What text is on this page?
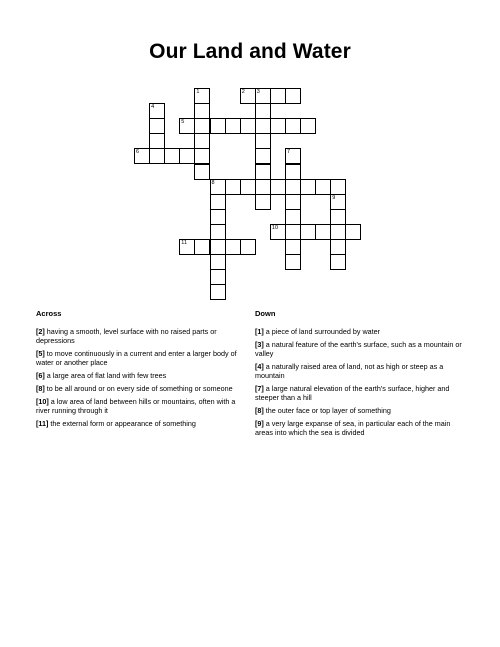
Our Land and Water
2 3
5
6
8
10
11
1
4
7
9
Across	Down
[2] having a smooth, level surface with no raised parts or depressions
[5] to move continuously in a current and enter a larger body of water or another place
[6] a large area of flat land with few trees
[8] to be all around or on every side of something or someone
[10] a low area of land between hills or mountains, often with a river running through it
[11] the external form or appearance of something
[1] a piece of land surrounded by water
[3] a natural feature of the earth's surface, such as a mountain or valley
[4] a naturally raised area of land, not as high or steep as a mountain
[7] a large natural elevation of the earth's surface, higher and steeper than a hill
[8] the outer face or top layer of something
[9] a very large expanse of sea, in particular each of the main areas into which the sea is divided
